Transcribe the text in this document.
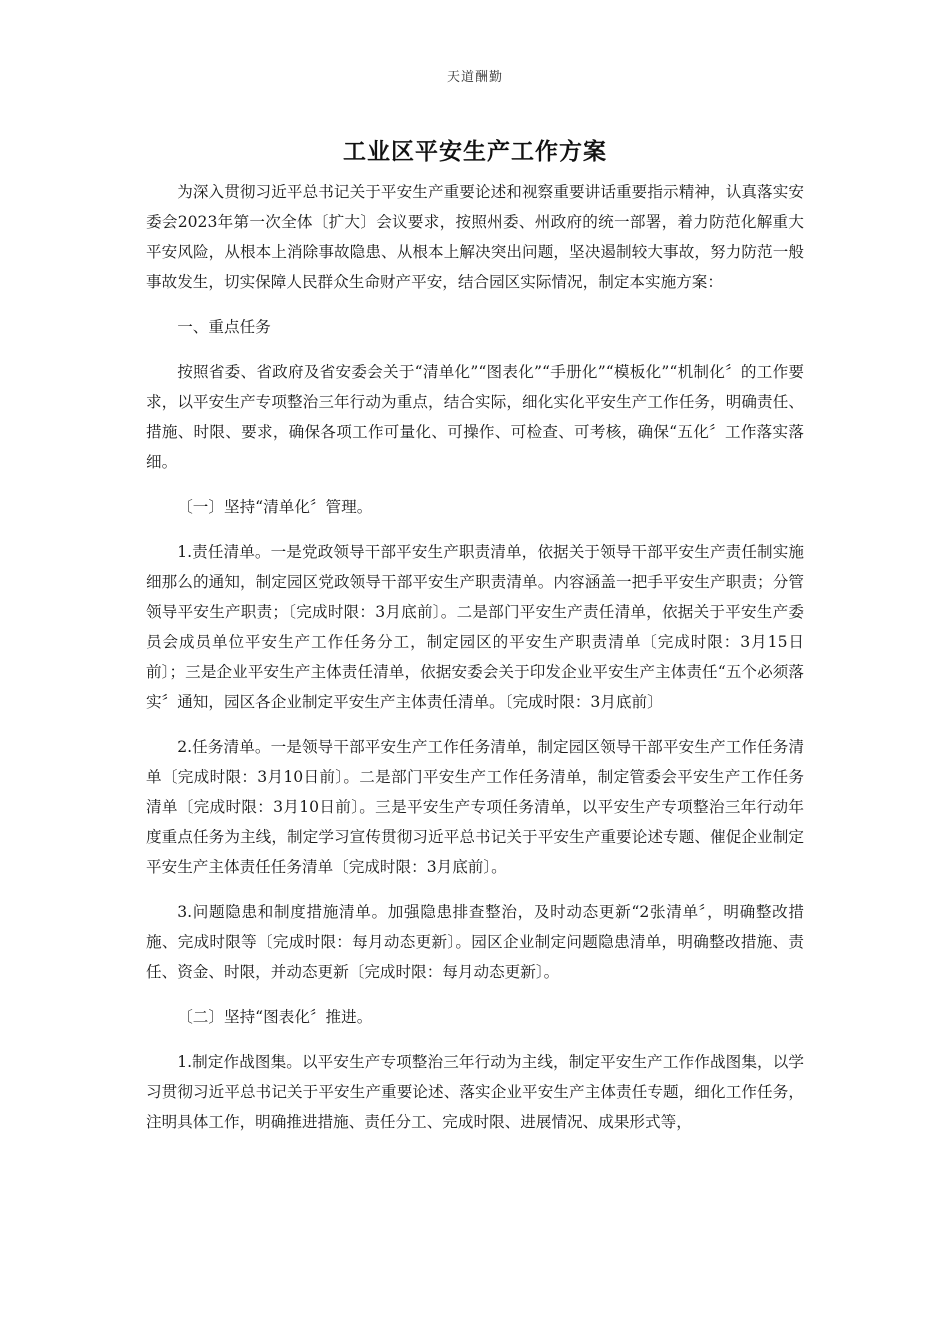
天道酬勤
工业区平安生产工作方案

为深入贯彻习近平总书记关于平安生产重要论述和视察重要讲话重要指示精神，认真落实安委会2023年第一次全体〔扩大〕会议要求，按照州委、州政府的统一部署，着力防范化解重大平安风险，从根本上消除事故隐患、从根本上解决突出问题，坚决遏制较大事故，努力防范一般事故发生，切实保障人民群众生命财产平安，结合园区实际情况，制定本实施方案：

一、重点任务

按照省委、省政府及省安委会关于“清单化”“图表化”“手册化”“模板化”“机制化〞的工作要求，以平安生产专项整治三年行动为重点，结合实际，细化实化平安生产工作任务，明确责任、措施、时限、要求，确保各项工作可量化、可操作、可检查、可考核，确保“五化〞工作落实落细。

〔一〕坚持“清单化〞管理。

1.责任清单。一是党政领导干部平安生产职责清单，依据关于领导干部平安生产责任制实施细那么的通知，制定园区党政领导干部平安生产职责清单。内容涵盖一把手平安生产职责；分管领导平安生产职责；〔完成时限：3月底前〕。二是部门平安生产责任清单，依据关于平安生产委员会成员单位平安生产工作任务分工，制定园区的平安生产职责清单〔完成时限：3月15日前〕；三是企业平安生产主体责任清单，依据安委会关于印发企业平安生产主体责任“五个必须落实〞通知，园区各企业制定平安生产主体责任清单。〔完成时限：3月底前〕

2.任务清单。一是领导干部平安生产工作任务清单，制定园区领导干部平安生产工作任务清单〔完成时限：3月10日前〕。二是部门平安生产工作任务清单，制定管委会平安生产工作任务清单〔完成时限：3月10日前〕。三是平安生产专项任务清单，以平安生产专项整治三年行动年度重点任务为主线，制定学习宣传贯彻习近平总书记关于平安生产重要论述专题、催促企业制定平安生产主体责任任务清单〔完成时限：3月底前〕。

3.问题隐患和制度措施清单。加强隐患排查整治，及时动态更新“2张清单〞，明确整改措施、完成时限等〔完成时限：每月动态更新〕。园区企业制定问题隐患清单，明确整改措施、责任、资金、时限，并动态更新〔完成时限：每月动态更新〕。

〔二〕坚持“图表化〞推进。

1.制定作战图集。以平安生产专项整治三年行动为主线，制定平安生产工作作战图集，以学习贯彻习近平总书记关于平安生产重要论述、落实企业平安生产主体责任专题，细化工作任务，注明具体工作，明确推进措施、责任分工、完成时限、进展情况、成果形式等，
